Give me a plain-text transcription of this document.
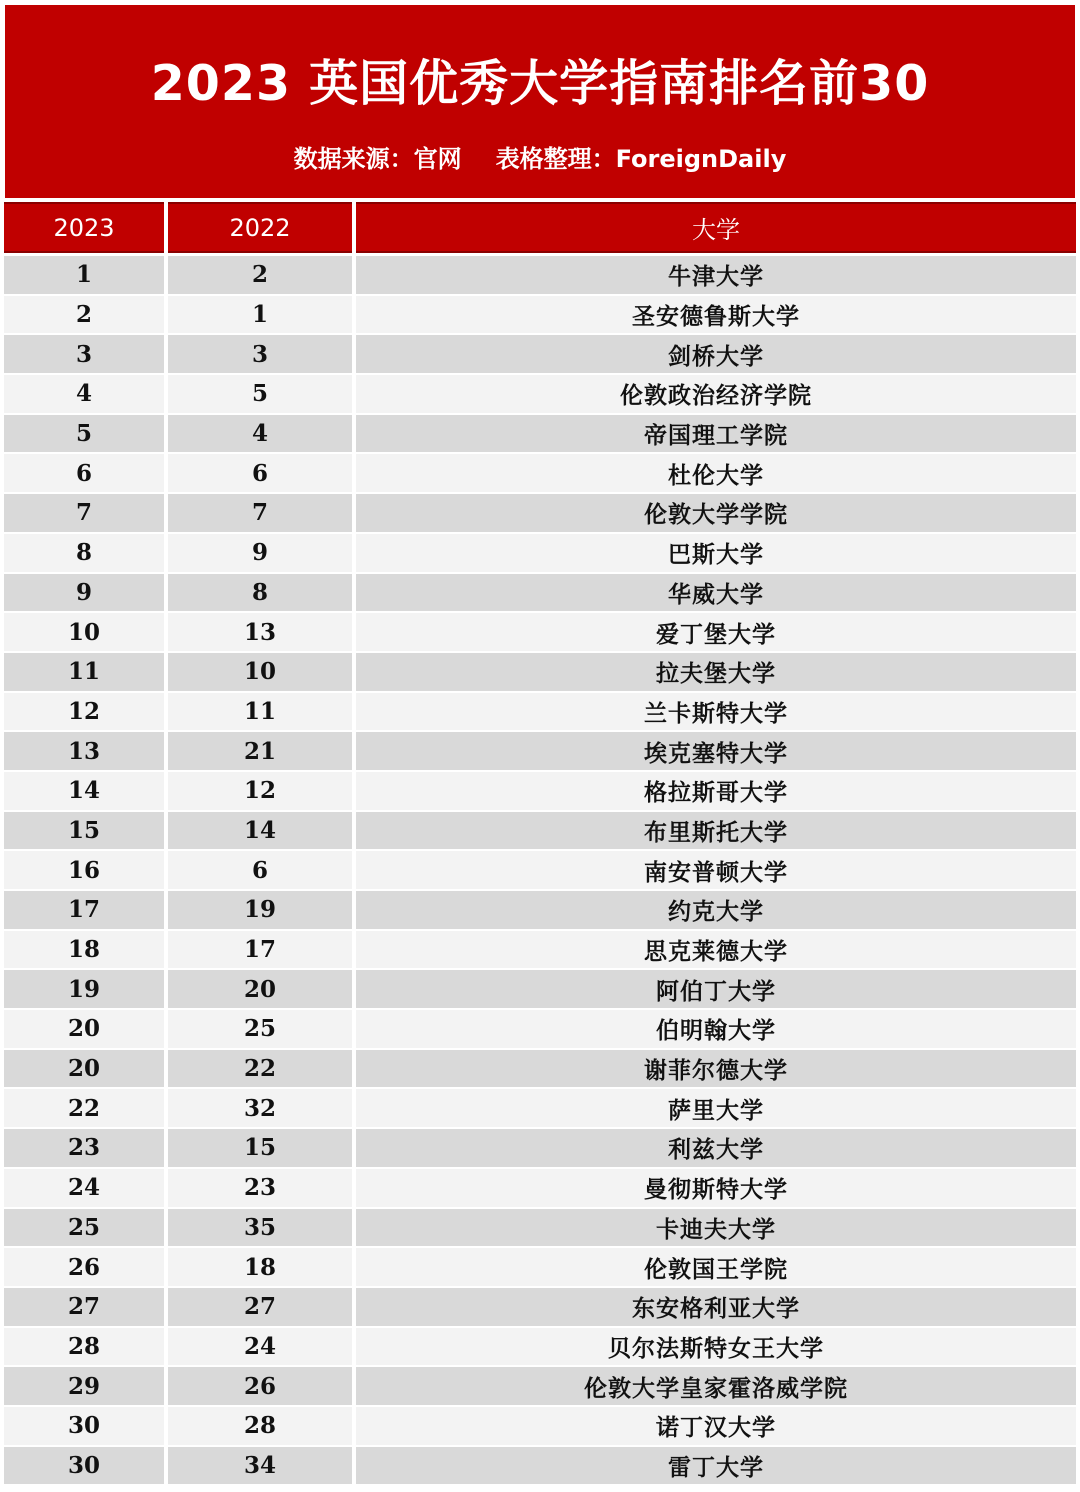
2023 英国优秀大学指南排名前30
数据来源：官网 表格整理：ForeignDaily
2023	2022	大学
1	2	牛津大学
2	1	圣安德鲁斯大学
3	3	剑桥大学
4	5	伦敦政治经济学院
5	4	帝国理工学院
6	6	杜伦大学
7	7	伦敦大学学院
8	9	巴斯大学
9	8	华威大学
10	13	爱丁堡大学
11	10	拉夫堡大学
12	11	兰卡斯特大学
13	21	埃克塞特大学
14	12	格拉斯哥大学
15	14	布里斯托大学
16	6	南安普顿大学
17	19	约克大学
18	17	思克莱德大学
19	20	阿伯丁大学
20	25	伯明翰大学
20	22	谢菲尔德大学
22	32	萨里大学
23	15	利兹大学
24	23	曼彻斯特大学
25	35	卡迪夫大学
26	18	伦敦国王学院
27	27	东安格利亚大学
28	24	贝尔法斯特女王大学
29	26	伦敦大学皇家霍洛威学院
30	28	诺丁汉大学
30	34	雷丁大学
